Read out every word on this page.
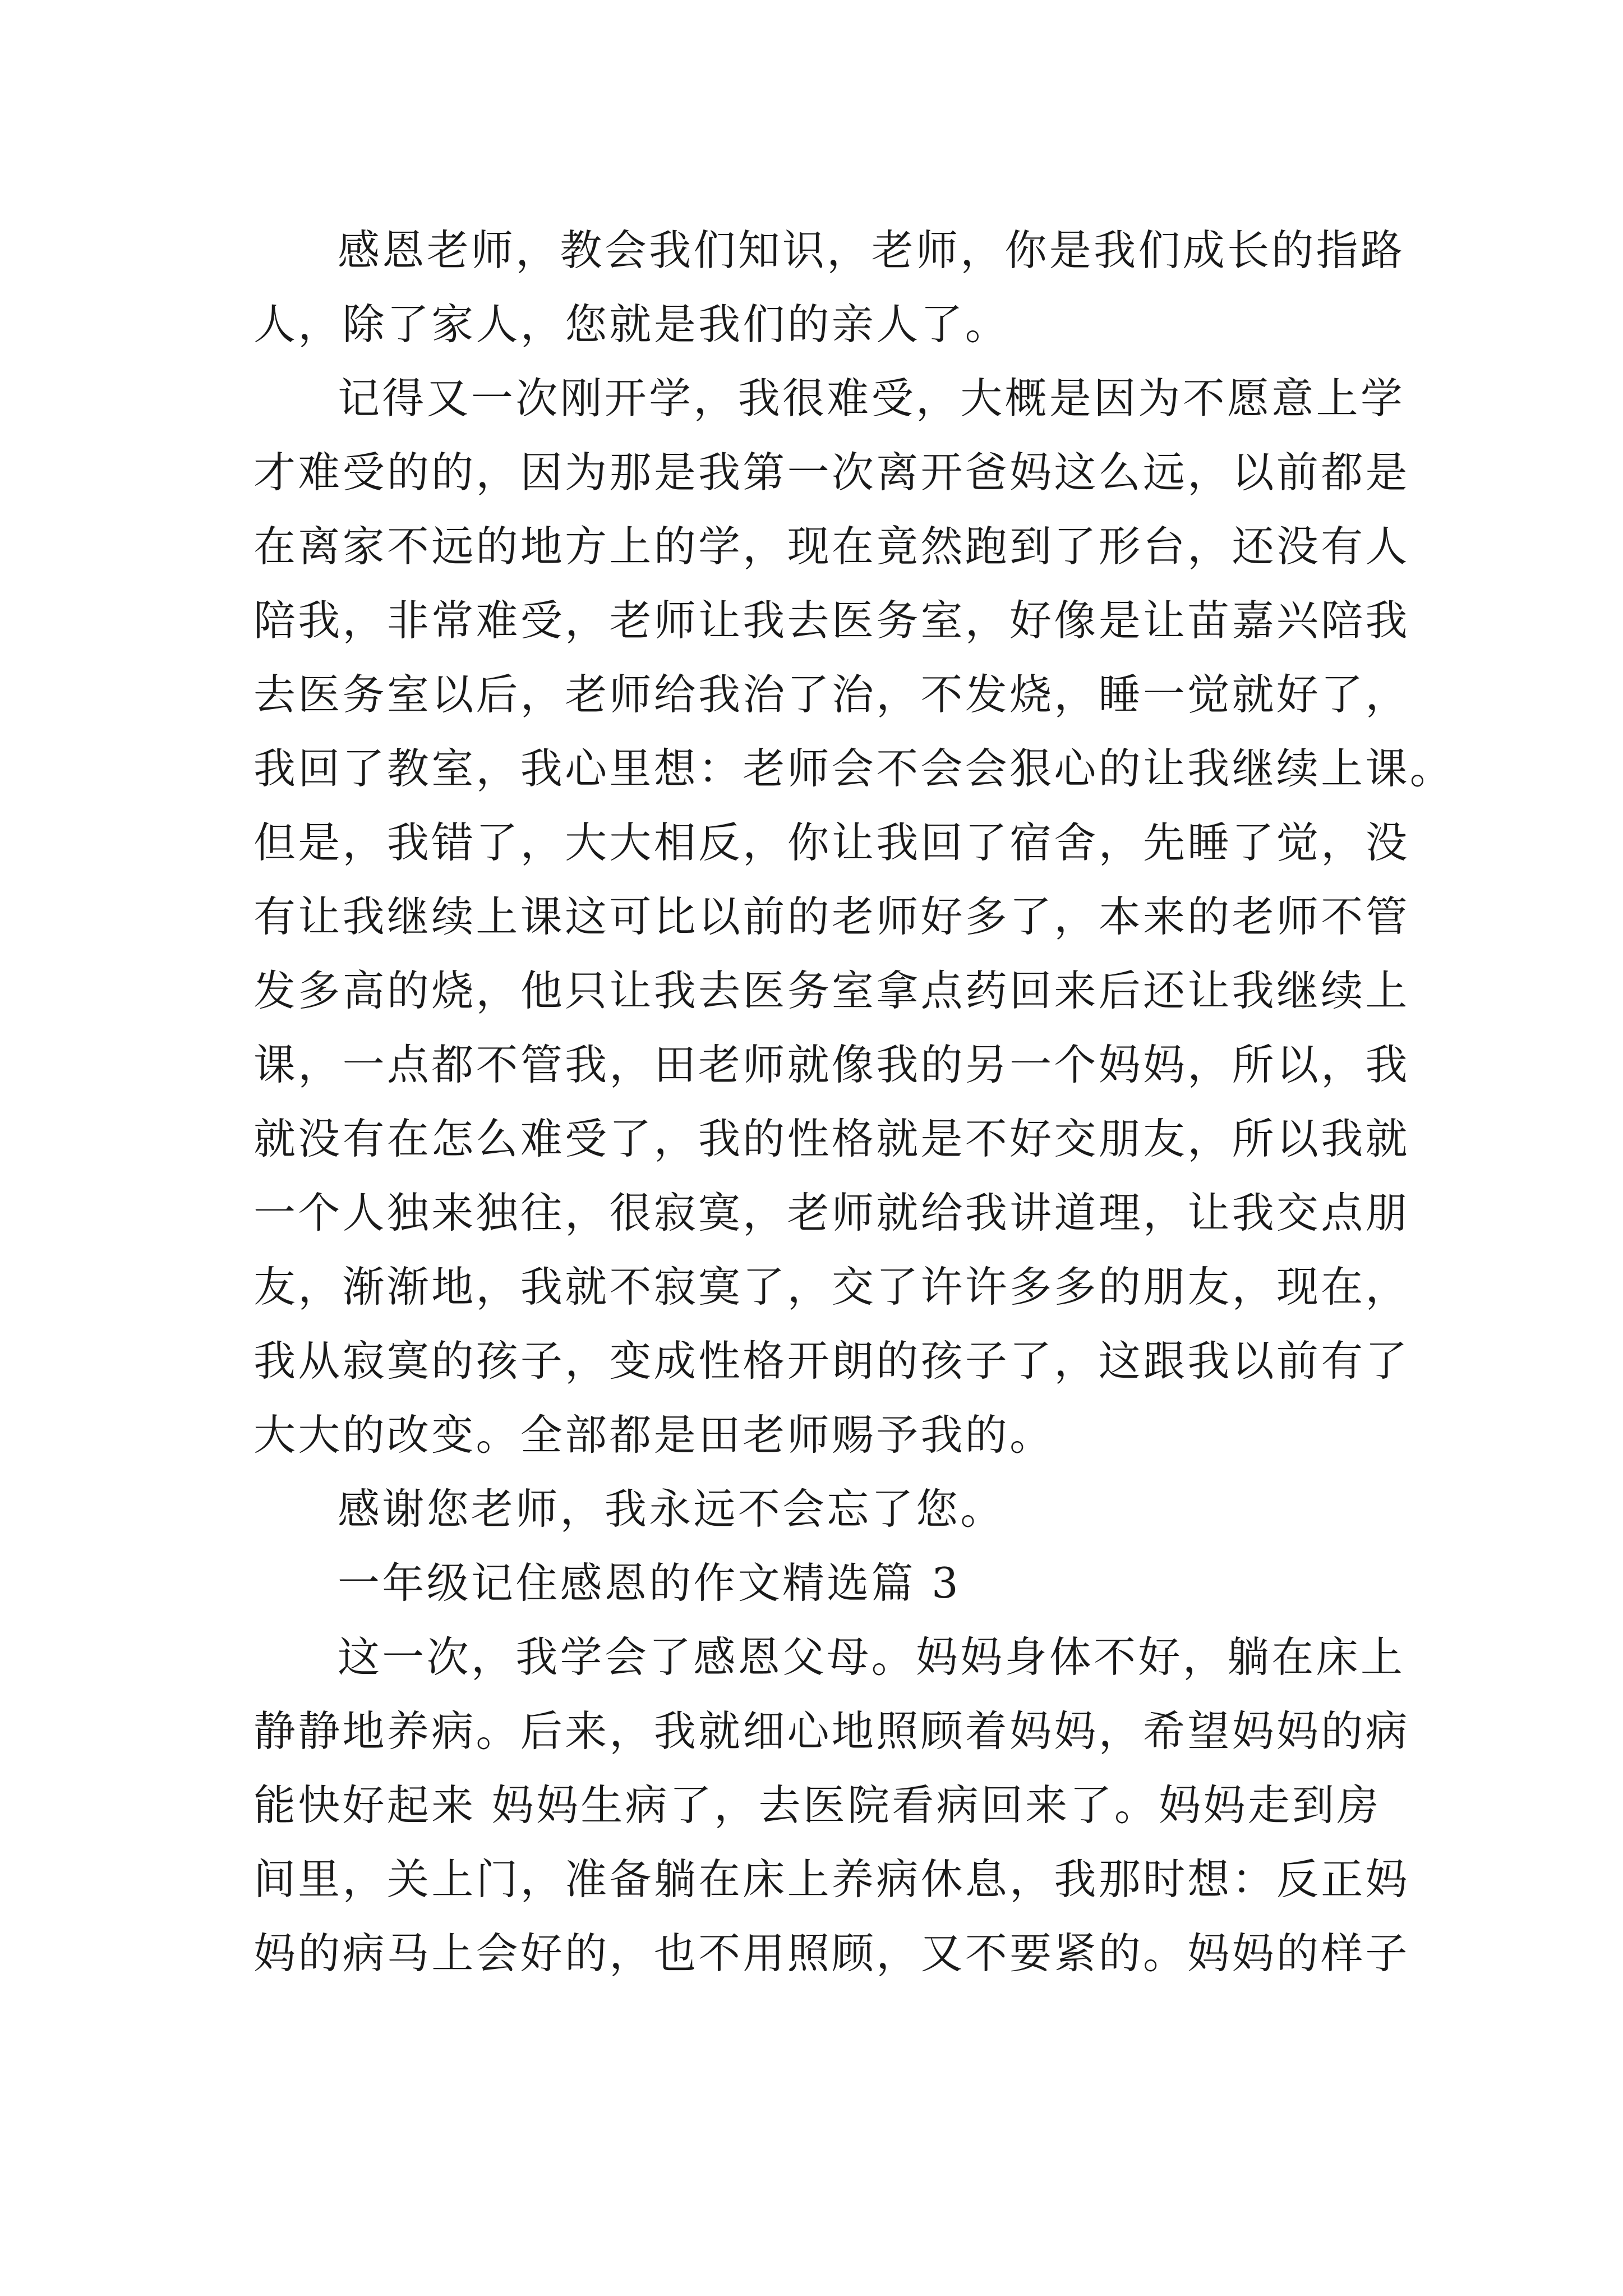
感恩老师，教会我们知识，老师，你是我们成长的指路
人，除了家人，您就是我们的亲人了。
记得又一次刚开学，我很难受，大概是因为不愿意上学
才难受的的，因为那是我第一次离开爸妈这么远，以前都是
在离家不远的地方上的学，现在竟然跑到了形台，还没有人
陪我，非常难受，老师让我去医务室，好像是让苗嘉兴陪我
去医务室以后，老师给我治了治，不发烧，睡一觉就好了，
我回了教室，我心里想：老师会不会会狠心的让我继续上课。
但是，我错了，大大相反，你让我回了宿舍，先睡了觉，没
有让我继续上课这可比以前的老师好多了，本来的老师不管
发多高的烧，他只让我去医务室拿点药回来后还让我继续上
课，一点都不管我，田老师就像我的另一个妈妈，所以，我
就没有在怎么难受了，我的性格就是不好交朋友，所以我就
一个人独来独往，很寂寞，老师就给我讲道理，让我交点朋
友，渐渐地，我就不寂寞了，交了许许多多的朋友，现在，
我从寂寞的孩子，变成性格开朗的孩子了，这跟我以前有了
大大的改变。全部都是田老师赐予我的。
感谢您老师，我永远不会忘了您。
一年级记住感恩的作文精选篇 3
这一次，我学会了感恩父母。妈妈身体不好，躺在床上
静静地养病。后来，我就细心地照顾着妈妈，希望妈妈的病
能快好起来 妈妈生病了，去医院看病回来了。妈妈走到房
间里，关上门，准备躺在床上养病休息，我那时想：反正妈
妈的病马上会好的，也不用照顾，又不要紧的。妈妈的样子
